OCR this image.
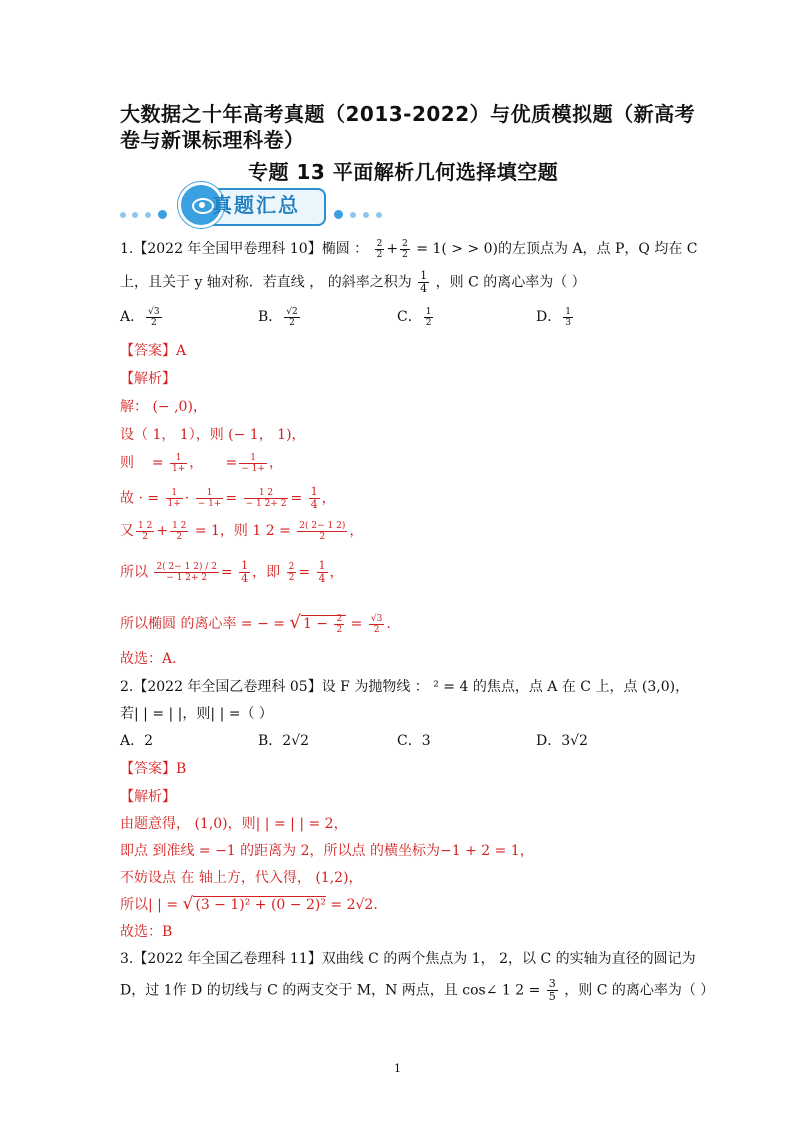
大数据之十年高考真题（2013-2022）与优质模拟题（新高考
卷与新课标理科卷）
专题 13 平面解析几何选择填空题
真题汇总
1.【2022 年全国甲卷理科 10】椭圆 ： $\frac{2}{2} + \frac{2}{2} = 1$( > > 0)的左顶点为 A，点 P，Q 均在 C
上，且关于 y 轴对称．若直线 ， 的斜率之积为 $\frac{1}{4}$ ，则 C 的离心率为（ ）
A． $\frac{√3}{2}$	B． $\frac{√2}{2}$	C． $\frac{1}{2}$	D． $\frac{1}{3}$
【答案】A
【解析】
解： (− ,0)，
设（ 1， 1），则 (− 1， 1)，
则 = $\frac{1}{1+}$ ， = $\frac{1}{- 1+}$ ，
故 · = $\frac{1}{1+} \cdot \frac{1}{- 1+} = \frac{1 2}{- 1 2+ 2} = \frac{1}{4}$ ，
又 $\frac{1 2}{2} + \frac{1 2}{2} = 1$，则 1 $2 = \frac{2( 2- 1 2)}{2}$ ，
所以 $\frac{2( 2- 1 2) / 2}{- 1 2+ 2} = \frac{1}{4}$ ，即 $\frac{2}{2} = \frac{1}{4}$ ，
所以椭圆 的离心率 = − = √ $1 - \frac{2}{2} = \frac{√3}{2}$ .
故选：A．
2.【2022 年全国乙卷理科 05】设 F 为抛物线 ： ² = 4 的焦点，点 A 在 C 上，点 (3,0)，
若| | = | |，则| | =（ ）
A．2	B．2√2	C．3	D．3√2
【答案】B
【解析】
由题意得， (1,0)，则| | = | | = 2，
即点 到准线 = −1 的距离为 2，所以点 的横坐标为−1 + 2 = 1，
不妨设点 在 轴上方，代入得， (1,2)，
所以| | = √ (3 − 1)² + (0 − 2)² = 2√2.
故选：B
3.【2022 年全国乙卷理科 11】双曲线 C 的两个焦点为 1， 2，以 C 的实轴为直径的圆记为
D，过 1作 D 的切线与 C 的两支交于 M，N 两点，且 cos∠ 1 $2 = \frac{3}{5}$ ，则 C 的离心率为（ ）
1
